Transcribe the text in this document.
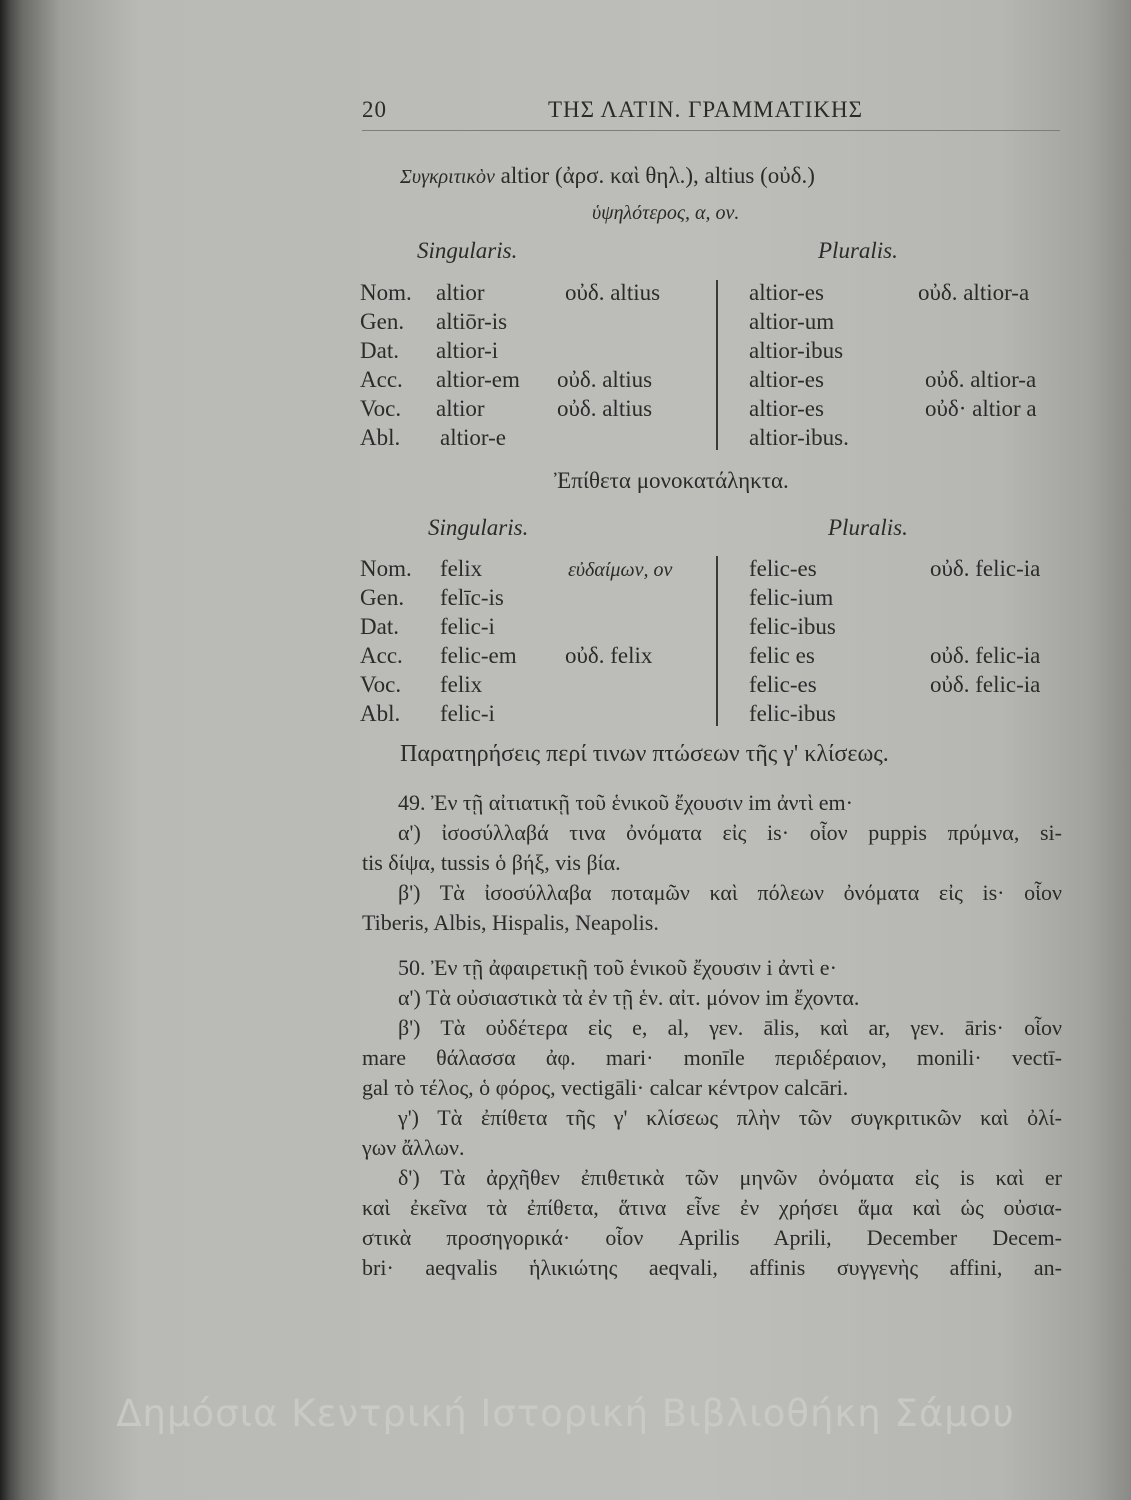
20	ΤΗΣ ΛΑΤΙΝ. ΓΡΑΜΜΑΤΙΚΗΣ
Συγκριτικὸν altior (ἀρσ. καὶ θηλ.), altius (οὐδ.)
ὑψηλότερος, α, ον.
Singularis.	Pluralis.
Nom. altior	οὐδ. altius	altior-es	οὐδ. altior-a
Gen. altiōr-is	altior-um
Dat. altior-i	altior-ibus
Acc. altior-em οὐδ. altius	altior-es	οὐδ. altior-a
Voc. altior	οὐδ. altius	altior-es	οὐδ· altior a
Abl. altior-e	altior-ibus.
Ἐπίθετα μονοκατάληκτα.
Singularis.	Pluralis.
Nom. felix	εὐδαίμων, ον	felic-es	οὐδ. felic-ia
Gen. felīc-is	felic-ium
Dat. felic-i	felic-ibus
Acc. felic-em οὐδ. felix	felic es	οὐδ. felic-ia
Voc. felix	felic-es	οὐδ. felic-ia
Abl. felic-i	felic-ibus
Παρατηρήσεις περί τινων πτώσεων τῆς γ' κλίσεως.
49. Ἐν τῇ αἰτιατικῇ τοῦ ἑνικοῦ ἔχουσιν im ἀντὶ em·
α') ἰσοσύλλαβά τινα ὀνόματα εἰς is· οἷον puppis πρύμνα, si-
tis δίψα, tussis ὁ βήξ, vis βία.
β') Τὰ ἰσοσύλλαβα ποταμῶν καὶ πόλεων ὀνόματα εἰς is· οἷον
Tiberis, Albis, Hispalis, Neapolis.
50. Ἐν τῇ ἀφαιρετικῇ τοῦ ἑνικοῦ ἔχουσιν i ἀντὶ e·
α') Τὰ οὐσιαστικὰ τὰ ἐν τῇ ἑν. αἰτ. μόνον im ἔχοντα.
β') Τὰ οὐδέτερα εἰς e, al, γεν. ālis, καὶ ar, γεν. āris· οἷον
mare θάλασσα ἀφ. mari· monīle περιδέραιον, monili· vectī-
gal τὸ τέλος, ὁ φόρος, vectigāli· calcar κέντρον calcāri.
γ') Τὰ ἐπίθετα τῆς γ' κλίσεως πλὴν τῶν συγκριτικῶν καὶ ὀλί-
γων ἄλλων.
δ') Τὰ ἀρχῆθεν ἐπιθετικὰ τῶν μηνῶν ὀνόματα εἰς is καὶ er
καὶ ἐκεῖνα τὰ ἐπίθετα, ἅτινα εἶνε ἐν χρήσει ἅμα καὶ ὡς οὐσια-
στικὰ προσηγορικά· οἷον Aprilis Aprili, December Decem-
bri· aeqvalis ἡλικιώτης aeqvali, affinis συγγενὴς affini, an-
Δημόσια Κεντρική Ιστορική Βιβλιοθήκη Σάμου
